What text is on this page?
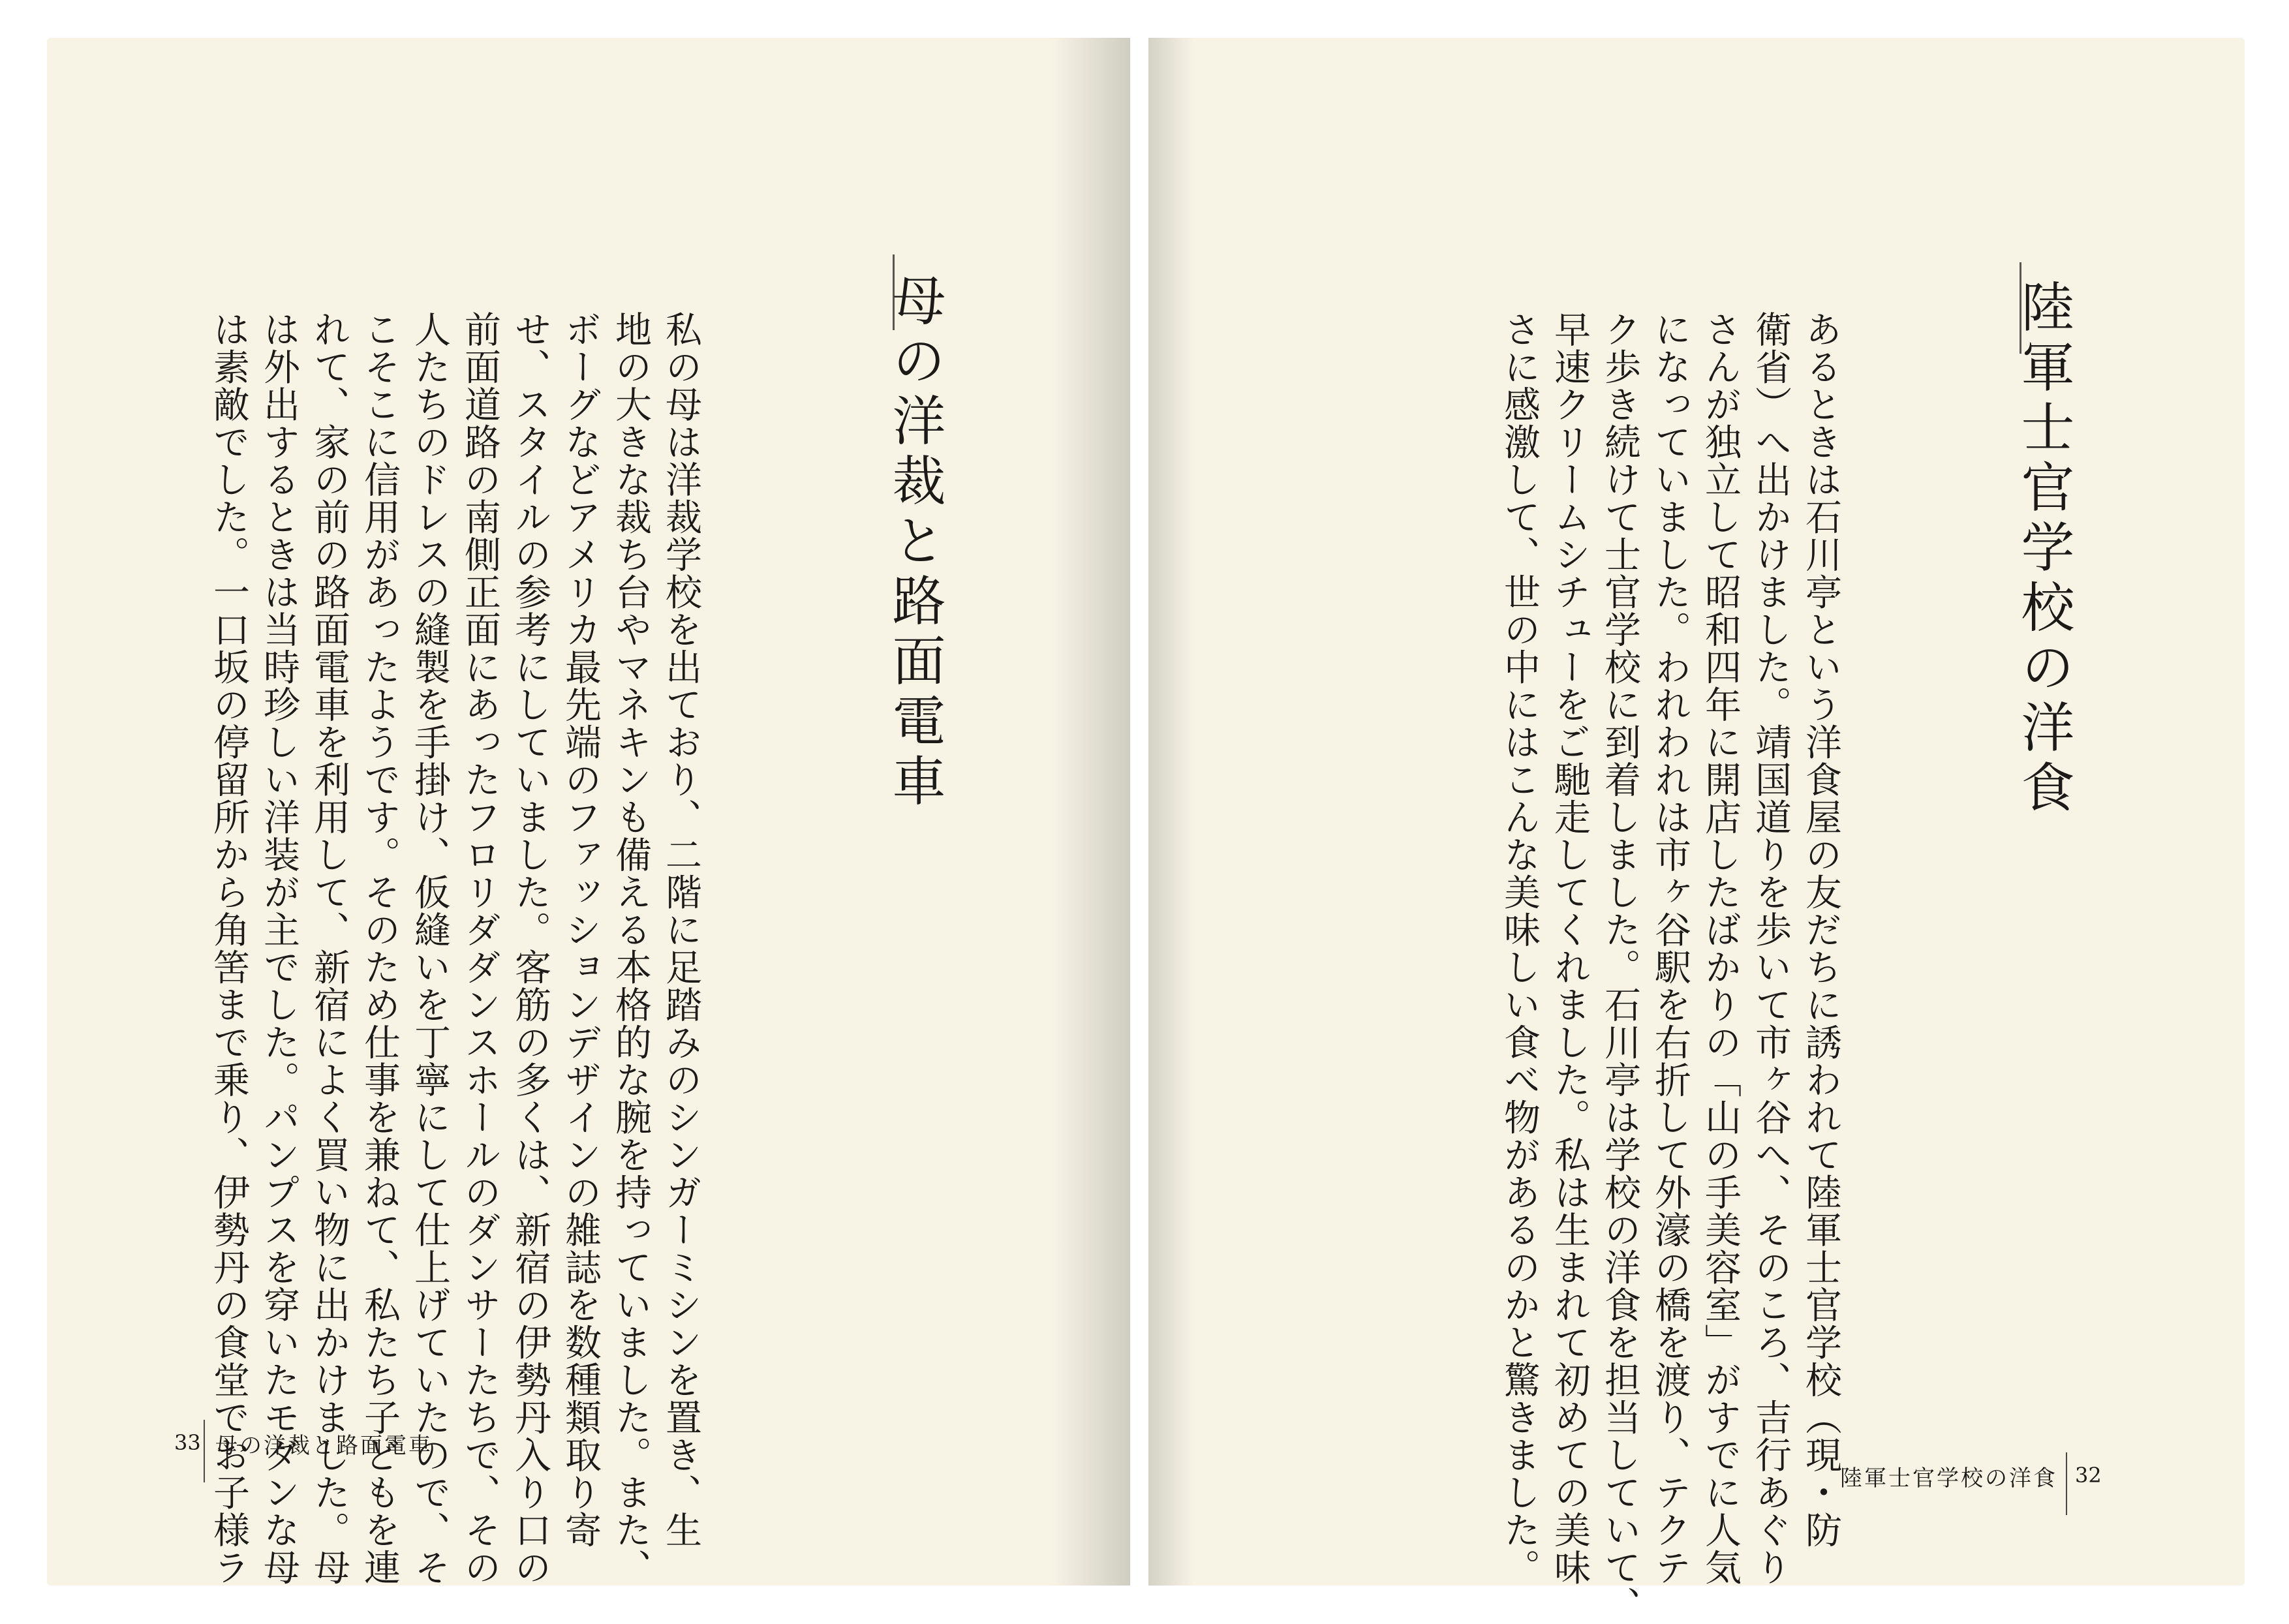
母の洋裁と路面電車
私の母は洋裁学校を出ており、二階に足踏みのシンガーミシンを置き、生
地の大きな裁ち台やマネキンも備える本格的な腕を持っていました。また、
ボーグなどアメリカ最先端のファッションデザインの雑誌を数種類取り寄
せ、スタイルの参考にしていました。客筋の多くは、新宿の伊勢丹入り口の
前面道路の南側正面にあったフロリダダンスホールのダンサーたちで、その
人たちのドレスの縫製を手掛け、仮縫いを丁寧にして仕上げていたので、そ
こそこに信用があったようです。そのため仕事を兼ねて、私たち子どもを連
れて、家の前の路面電車を利用して、新宿によく買い物に出かけました。母
は外出するときは当時珍しい洋装が主でした。パンプスを穿いたモダンな母
は素敵でした。一口坂の停留所から角筈まで乗り、伊勢丹の食堂でお子様ラ
33 母の洋裁と路面電車

陸軍士官学校の洋食
あるときは石川亭という洋食屋の友だちに誘われて陸軍士官学校（現・防
衛省）へ出かけました。靖国道りを歩いて市ヶ谷へ、そのころ、吉行あぐり
さんが独立して昭和四年に開店したばかりの「山の手美容室」がすでに人気
になっていました。われわれは市ヶ谷駅を右折して外濠の橋を渡り、テクテ
ク歩き続けて士官学校に到着しました。石川亭は学校の洋食を担当していて、
早速クリームシチューをご馳走してくれました。私は生まれて初めての美味
さに感激して、世の中にはこんな美味しい食べ物があるのかと驚きました。	陸軍士官学校の洋食 32
